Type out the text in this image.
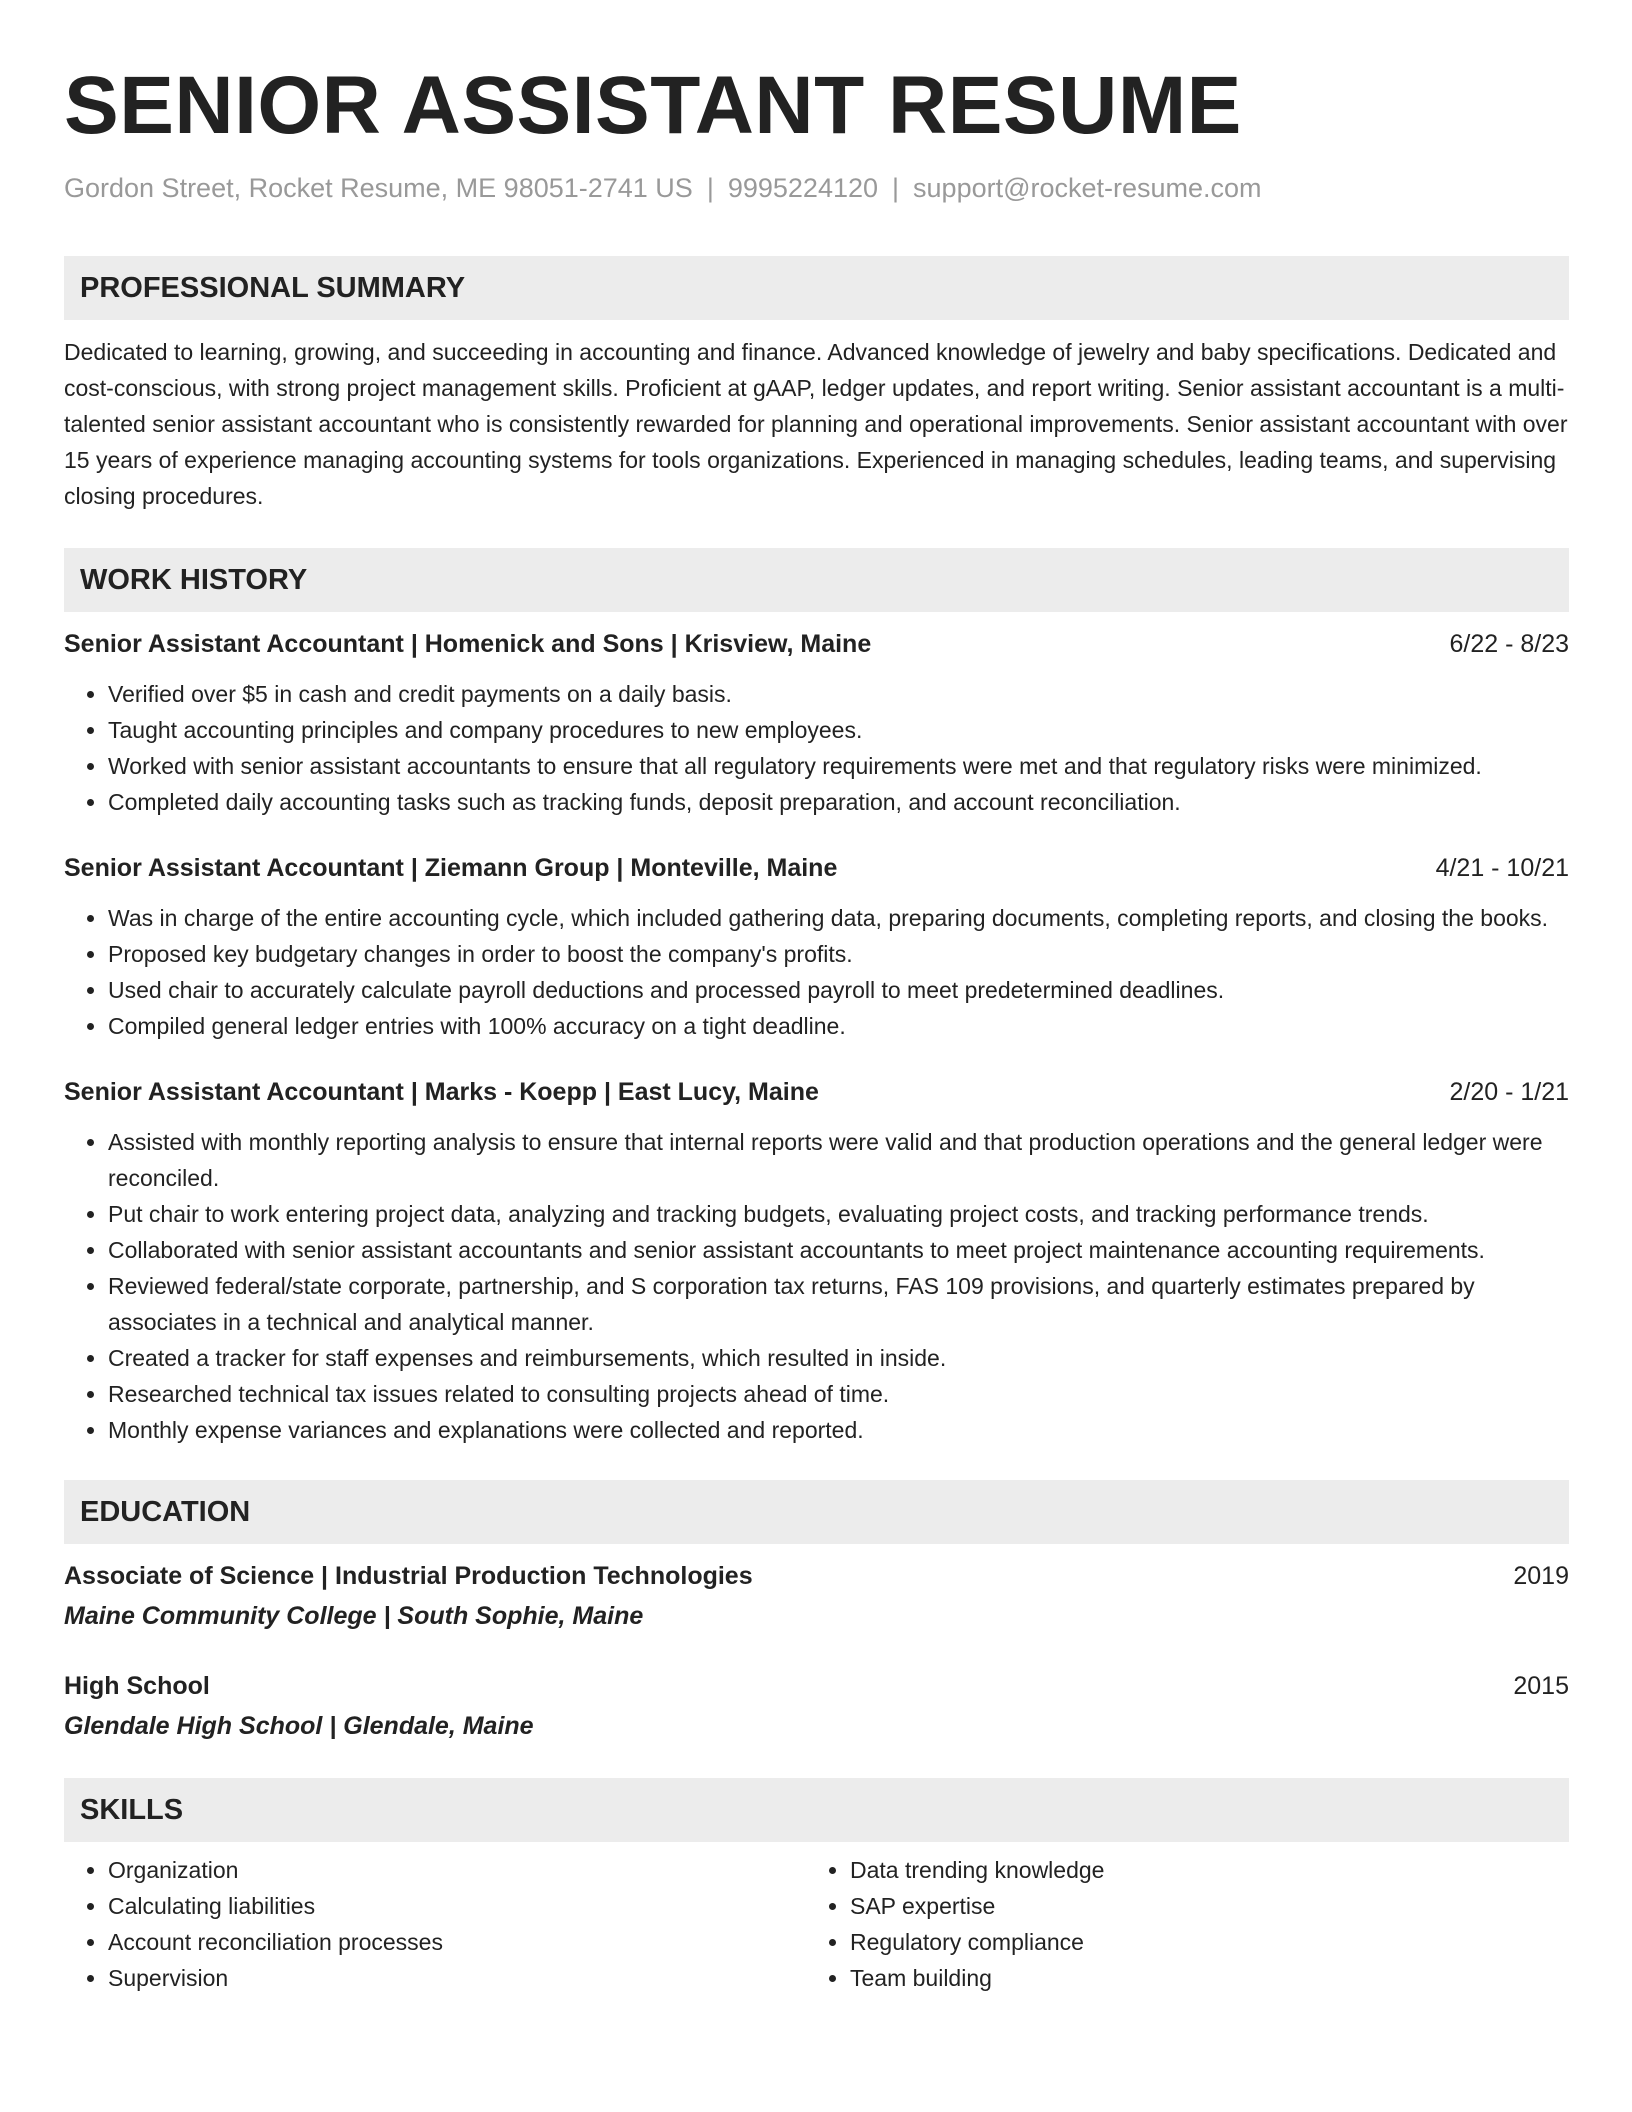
SENIOR ASSISTANT RESUME
Gordon Street, Rocket Resume, ME 98051-2741 US | 9995224120 | support@rocket-resume.com
PROFESSIONAL SUMMARY
Dedicated to learning, growing, and succeeding in accounting and finance. Advanced knowledge of jewelry and baby specifications. Dedicated and cost-conscious, with strong project management skills. Proficient at gAAP, ledger updates, and report writing. Senior assistant accountant is a multi-talented senior assistant accountant who is consistently rewarded for planning and operational improvements. Senior assistant accountant with over 15 years of experience managing accounting systems for tools organizations. Experienced in managing schedules, leading teams, and supervising closing procedures.
WORK HISTORY
Senior Assistant Accountant | Homenick and Sons | Krisview, Maine	6/22 - 8/23
• Verified over $5 in cash and credit payments on a daily basis.
• Taught accounting principles and company procedures to new employees.
• Worked with senior assistant accountants to ensure that all regulatory requirements were met and that regulatory risks were minimized.
• Completed daily accounting tasks such as tracking funds, deposit preparation, and account reconciliation.
Senior Assistant Accountant | Ziemann Group | Monteville, Maine	4/21 - 10/21
• Was in charge of the entire accounting cycle, which included gathering data, preparing documents, completing reports, and closing the books.
• Proposed key budgetary changes in order to boost the company's profits.
• Used chair to accurately calculate payroll deductions and processed payroll to meet predetermined deadlines.
• Compiled general ledger entries with 100% accuracy on a tight deadline.
Senior Assistant Accountant | Marks - Koepp | East Lucy, Maine	2/20 - 1/21
• Assisted with monthly reporting analysis to ensure that internal reports were valid and that production operations and the general ledger were reconciled.
• Put chair to work entering project data, analyzing and tracking budgets, evaluating project costs, and tracking performance trends.
• Collaborated with senior assistant accountants and senior assistant accountants to meet project maintenance accounting requirements.
• Reviewed federal/state corporate, partnership, and S corporation tax returns, FAS 109 provisions, and quarterly estimates prepared by associates in a technical and analytical manner.
• Created a tracker for staff expenses and reimbursements, which resulted in inside.
• Researched technical tax issues related to consulting projects ahead of time.
• Monthly expense variances and explanations were collected and reported.
EDUCATION
Associate of Science | Industrial Production Technologies	2019
Maine Community College | South Sophie, Maine
High School	2015
Glendale High School | Glendale, Maine
SKILLS
• Organization
• Calculating liabilities
• Account reconciliation processes
• Supervision
• Data trending knowledge
• SAP expertise
• Regulatory compliance
• Team building
